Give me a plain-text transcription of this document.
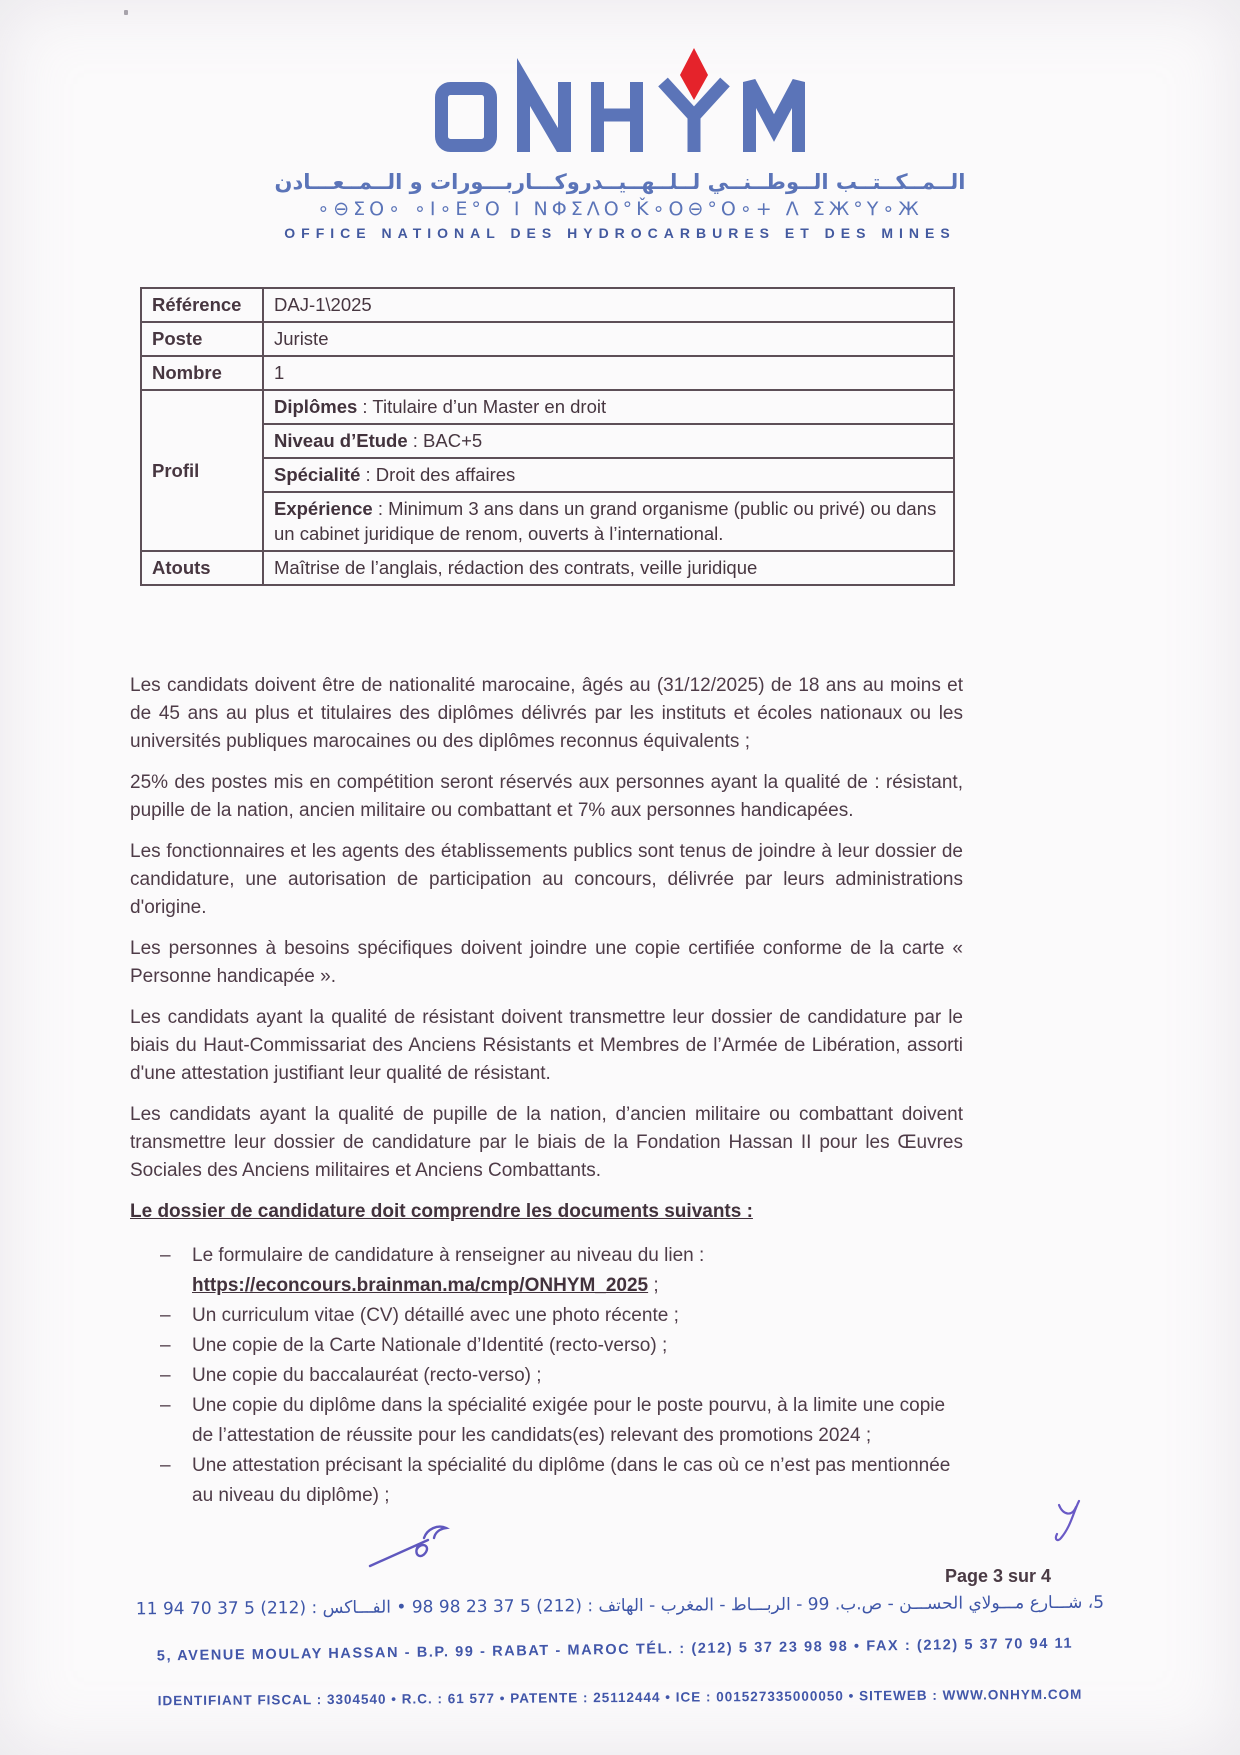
الــمــكــتــب الــوطــنــي لــلــهــيــدروكـــاربـــورات و الــمــعـــادن
∘⊖ΣΟ∘ ∘Ι∘Ε°Ο Ι ΝΦΣΛΟ°Ǩ∘Ο⊖°Ο∘+ Λ ΣЖ°Υ∘Ж
OFFICE NATIONAL DES HYDROCARBURES ET DES MINES
Référence	DAJ-1\2025
Poste	Juriste
Nombre	1
Profil	Diplômes : Titulaire d’un Master en droit
	Niveau d’Etude : BAC+5
	Spécialité : Droit des affaires
	Expérience : Minimum 3 ans dans un grand organisme (public ou privé) ou dans un cabinet juridique de renom, ouverts à l’international.
Atouts	Maîtrise de l’anglais, rédaction des contrats, veille juridique

Les candidats doivent être de nationalité marocaine, âgés au (31/12/2025) de 18 ans au moins et de 45 ans au plus et titulaires des diplômes délivrés par les instituts et écoles nationaux ou les universités publiques marocaines ou des diplômes reconnus équivalents ;

25% des postes mis en compétition seront réservés aux personnes ayant la qualité de : résistant, pupille de la nation, ancien militaire ou combattant et 7% aux personnes handicapées.

Les fonctionnaires et les agents des établissements publics sont tenus de joindre à leur dossier de candidature, une autorisation de participation au concours, délivrée par leurs administrations d'origine.

Les personnes à besoins spécifiques doivent joindre une copie certifiée conforme de la carte « Personne handicapée ».

Les candidats ayant la qualité de résistant doivent transmettre leur dossier de candidature par le biais du Haut-Commissariat des Anciens Résistants et Membres de l’Armée de Libération, assorti d'une attestation justifiant leur qualité de résistant.

Les candidats ayant la qualité de pupille de la nation, d’ancien militaire ou combattant doivent transmettre leur dossier de candidature par le biais de la Fondation Hassan II pour les Œuvres Sociales des Anciens militaires et Anciens Combattants.

Le dossier de candidature doit comprendre les documents suivants :
– Le formulaire de candidature à renseigner au niveau du lien :
https://econcours.brainman.ma/cmp/ONHYM_2025 ;
– Un curriculum vitae (CV) détaillé avec une photo récente ;
– Une copie de la Carte Nationale d’Identité (recto-verso) ;
– Une copie du baccalauréat (recto-verso) ;
– Une copie du diplôme dans la spécialité exigée pour le poste pourvu, à la limite une copie de l’attestation de réussite pour les candidats(es) relevant des promotions 2024 ;
– Une attestation précisant la spécialité du diplôme (dans le cas où ce n’est pas mentionnée au niveau du diplôme) ;
Page 3 sur 4
5، شـــارع مـــولاي الحســـن - ص.ب. 99 - الربـــاط - المغرب - الهاتف : (212) 5 37 23 98 98 • الفـــاكس : (212) 5 37 70 94 11
5, AVENUE MOULAY HASSAN - B.P. 99 - RABAT - MAROC TÉL. : (212) 5 37 23 98 98 • FAX : (212) 5 37 70 94 11
IDENTIFIANT FISCAL : 3304540 • R.C. : 61 577 • PATENTE : 25112444 • ICE : 001527335000050 • SITEWEB : WWW.ONHYM.COM
